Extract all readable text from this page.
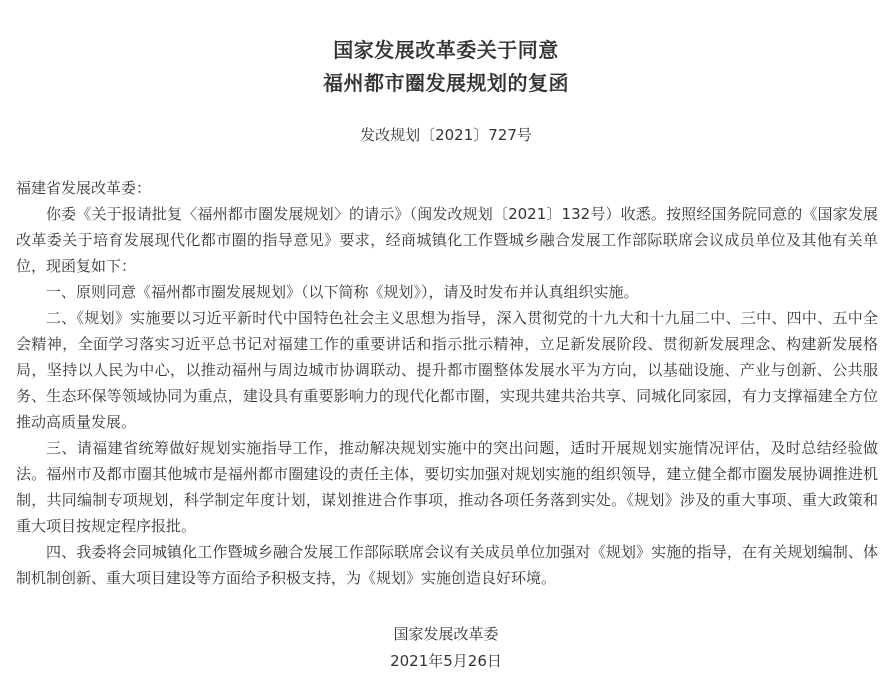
国家发展改革委关于同意
福州都市圈发展规划的复函
发改规划〔2021〕727号

福建省发展改革委：

你委《关于报请批复〈福州都市圈发展规划〉的请示》（闽发改规划〔2021〕132号）收悉。按照经国务院同意的《国家发展改革委关于培育发展现代化都市圈的指导意见》要求，经商城镇化工作暨城乡融合发展工作部际联席会议成员单位及其他有关单位，现函复如下：

一、原则同意《福州都市圈发展规划》（以下简称《规划》），请及时发布并认真组织实施。

二、《规划》实施要以习近平新时代中国特色社会主义思想为指导，深入贯彻党的十九大和十九届二中、三中、四中、五中全会精神，全面学习落实习近平总书记对福建工作的重要讲话和指示批示精神，立足新发展阶段、贯彻新发展理念、构建新发展格局，坚持以人民为中心，以推动福州与周边城市协调联动、提升都市圈整体发展水平为方向，以基础设施、产业与创新、公共服务、生态环保等领域协同为重点，建设具有重要影响力的现代化都市圈，实现共建共治共享、同城化同家园，有力支撑福建全方位推动高质量发展。

三、请福建省统筹做好规划实施指导工作，推动解决规划实施中的突出问题，适时开展规划实施情况评估，及时总结经验做法。福州市及都市圈其他城市是福州都市圈建设的责任主体，要切实加强对规划实施的组织领导，建立健全都市圈发展协调推进机制，共同编制专项规划，科学制定年度计划，谋划推进合作事项，推动各项任务落到实处。《规划》涉及的重大事项、重大政策和重大项目按规定程序报批。

四、我委将会同城镇化工作暨城乡融合发展工作部际联席会议有关成员单位加强对《规划》实施的指导，在有关规划编制、体制机制创新、重大项目建设等方面给予积极支持，为《规划》实施创造良好环境。

国家发展改革委
2021年5月26日
